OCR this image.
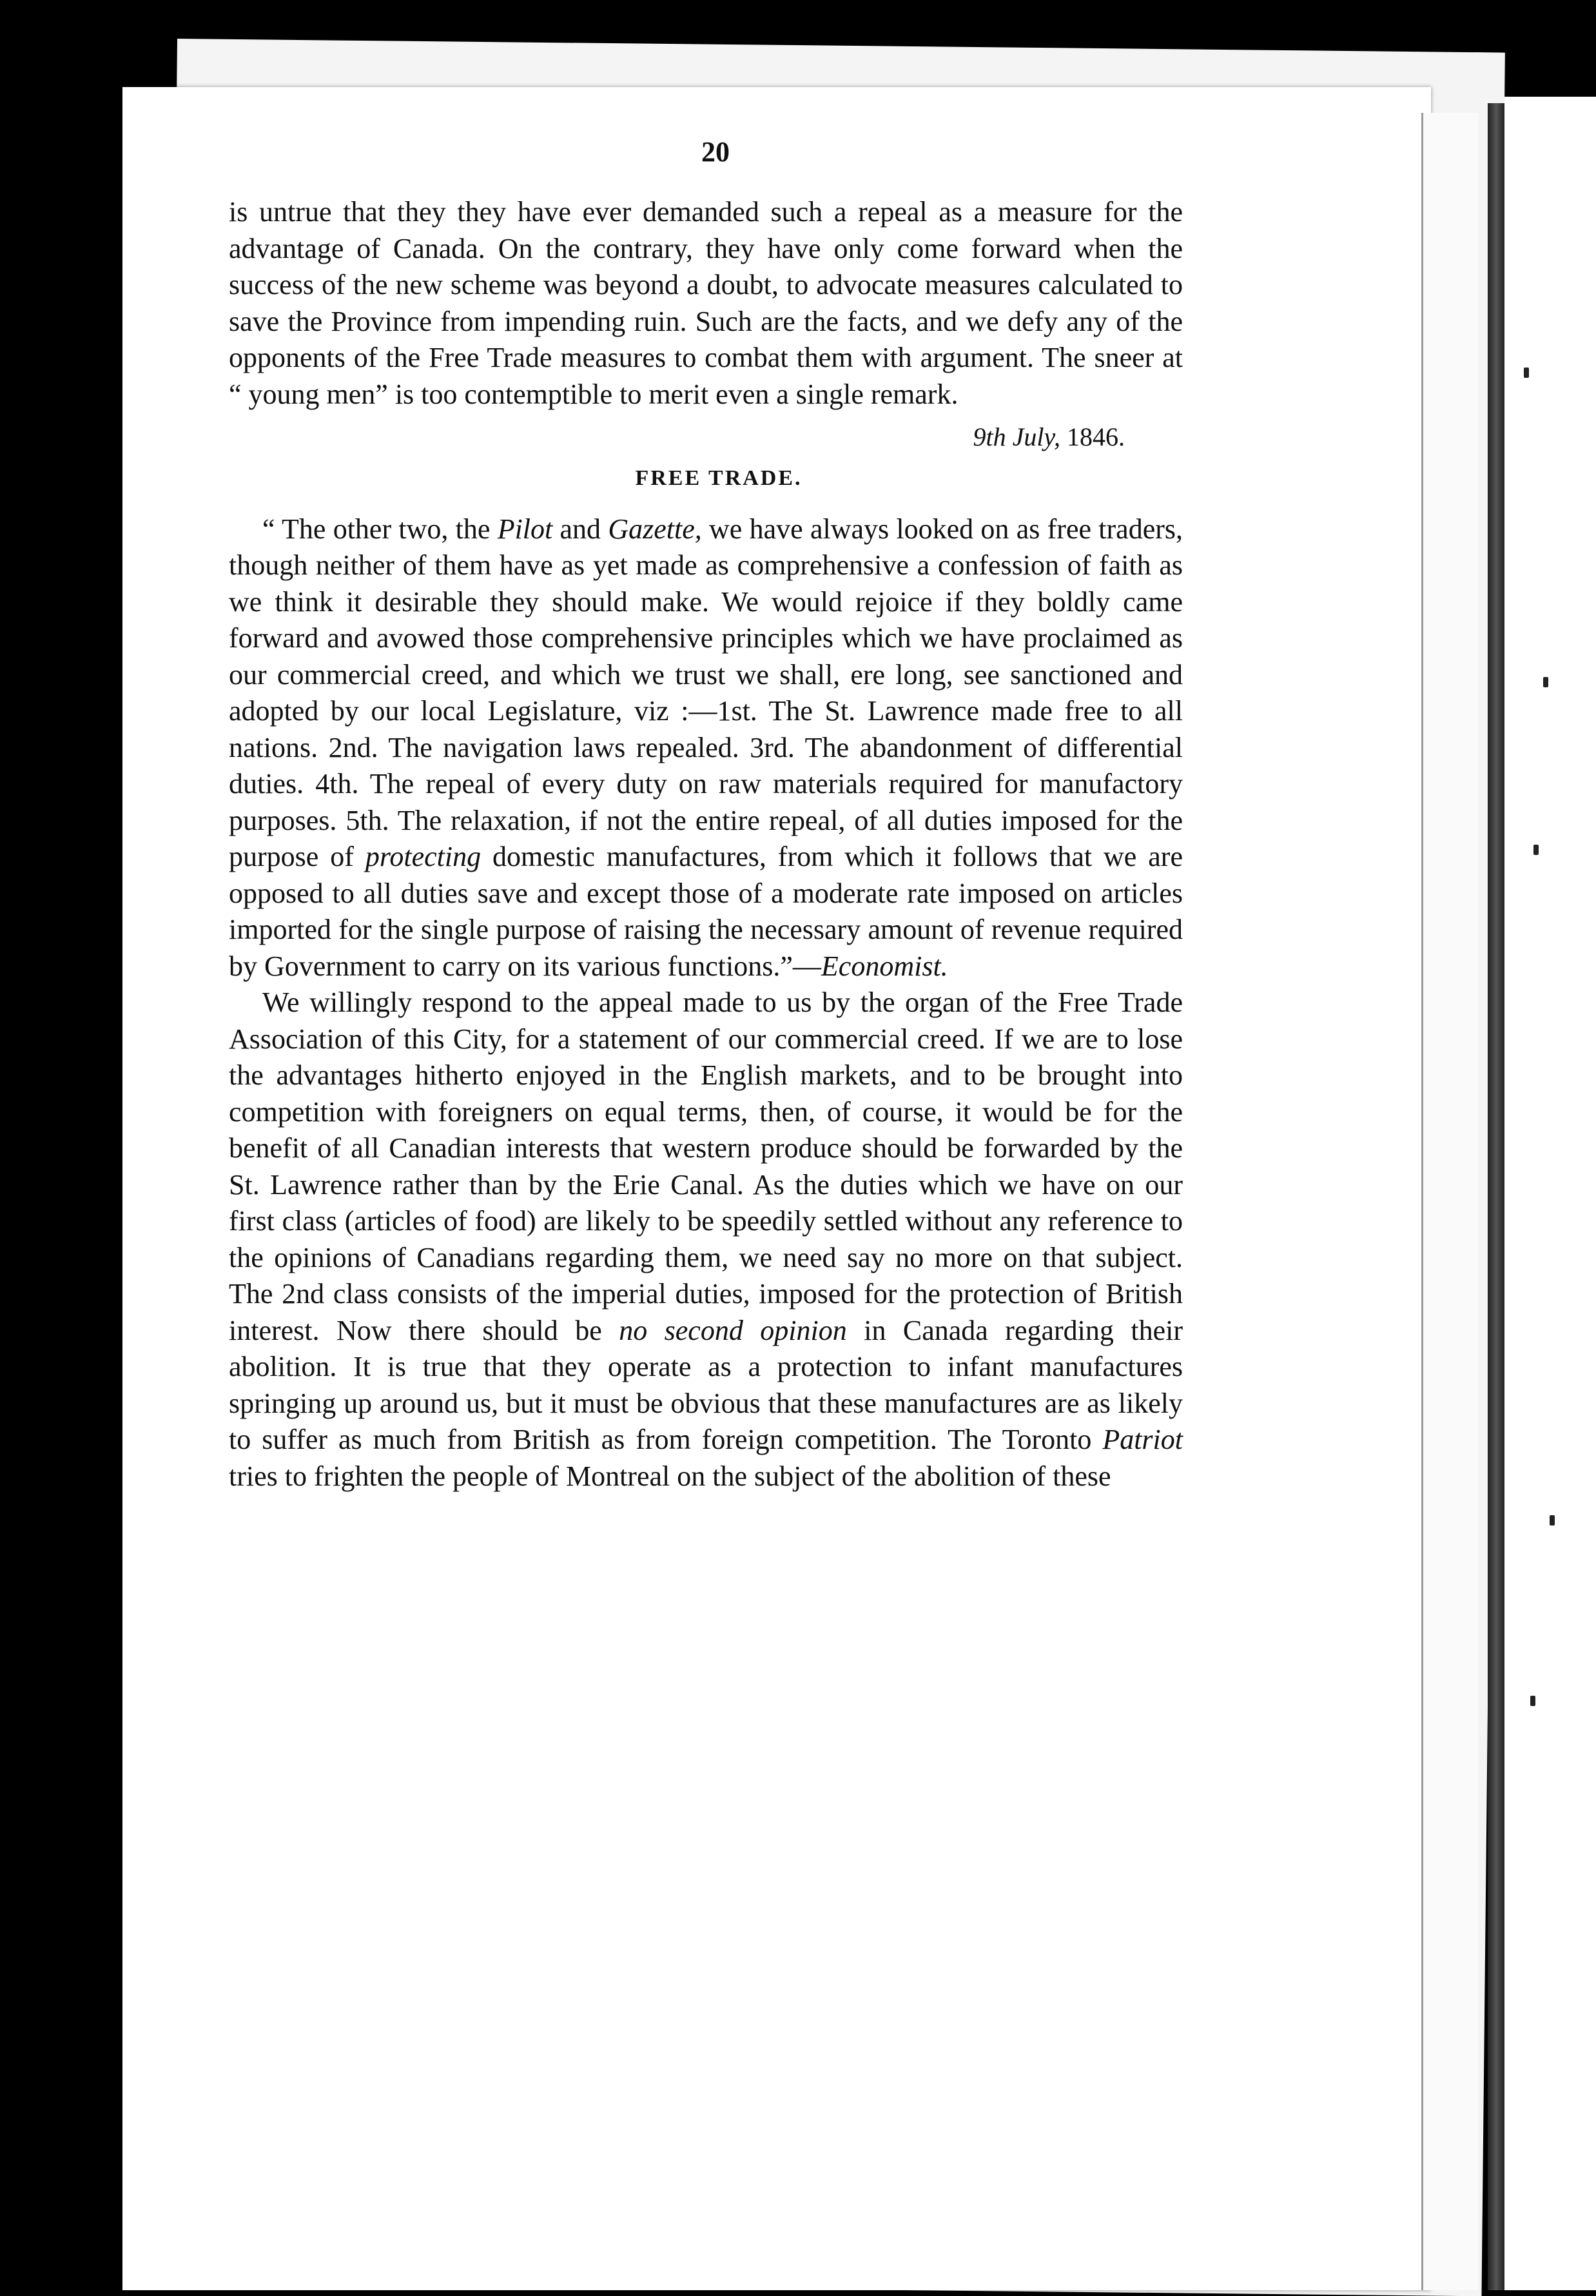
20

is untrue that they they have ever demanded such a repeal as a measure for the advantage of Canada. On the contrary, they have only come forward when the success of the new scheme was beyond a doubt, to advocate measures calculated to save the Province from impending ruin. Such are the facts, and we defy any of the opponents of the Free Trade measures to combat them with argument. The sneer at “ young men” is too contemptible to merit even a single remark.

9th July, 1846.
FREE TRADE.

“ The other two, the Pilot and Gazette, we have always looked on as free traders, though neither of them have as yet made as comprehensive a confession of faith as we think it desirable they should make. We would rejoice if they boldly came forward and avowed those comprehensive principles which we have proclaimed as our commercial creed, and which we trust we shall, ere long, see sanctioned and adopted by our local Legislature, viz :—1st. The St. Lawrence made free to all nations. 2nd. The navigation laws repealed. 3rd. The abandonment of differential duties. 4th. The repeal of every duty on raw materials required for manufactory purposes. 5th. The relaxation, if not the entire repeal, of all duties imposed for the purpose of protecting domestic manufactures, from which it follows that we are opposed to all duties save and except those of a moderate rate imposed on articles imported for the single purpose of raising the necessary amount of revenue required by Government to carry on its various functions.”—Economist.

We willingly respond to the appeal made to us by the organ of the Free Trade Association of this City, for a statement of our commercial creed. If we are to lose the advantages hitherto enjoyed in the English markets, and to be brought into competition with foreigners on equal terms, then, of course, it would be for the benefit of all Canadian interests that western produce should be forwarded by the St. Lawrence rather than by the Erie Canal. As the duties which we have on our first class (articles of food) are likely to be speedily settled without any reference to the opinions of Canadians regarding them, we need say no more on that subject. The 2nd class consists of the imperial duties, imposed for the protection of British interest. Now there should be no second opinion in Canada regarding their abolition. It is true that they operate as a protection to infant manufactures springing up around us, but it must be obvious that these manufactures are as likely to suffer as much from British as from foreign competition. The Toronto Patriot tries to frighten the people of Montreal on the subject of the abolition of these
